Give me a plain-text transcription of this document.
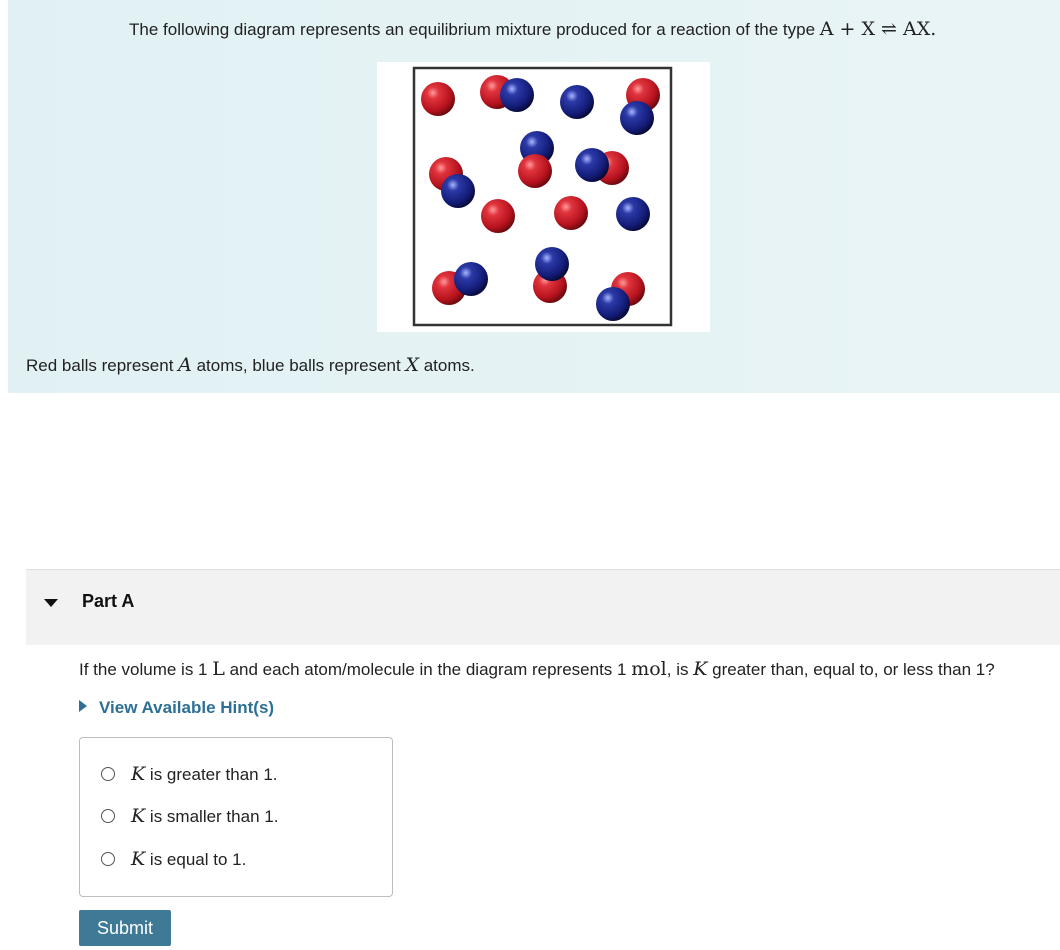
The following diagram represents an equilibrium mixture produced for a reaction of the type A + X ⇌ AX.
Red balls represent A atoms, blue balls represent X atoms.
Part A
If the volume is 1 L and each atom/molecule in the diagram represents 1 mol, is K greater than, equal to, or less than 1?
View Available Hint(s)
K is greater than 1.
K is smaller than 1.
K is equal to 1.
Submit
